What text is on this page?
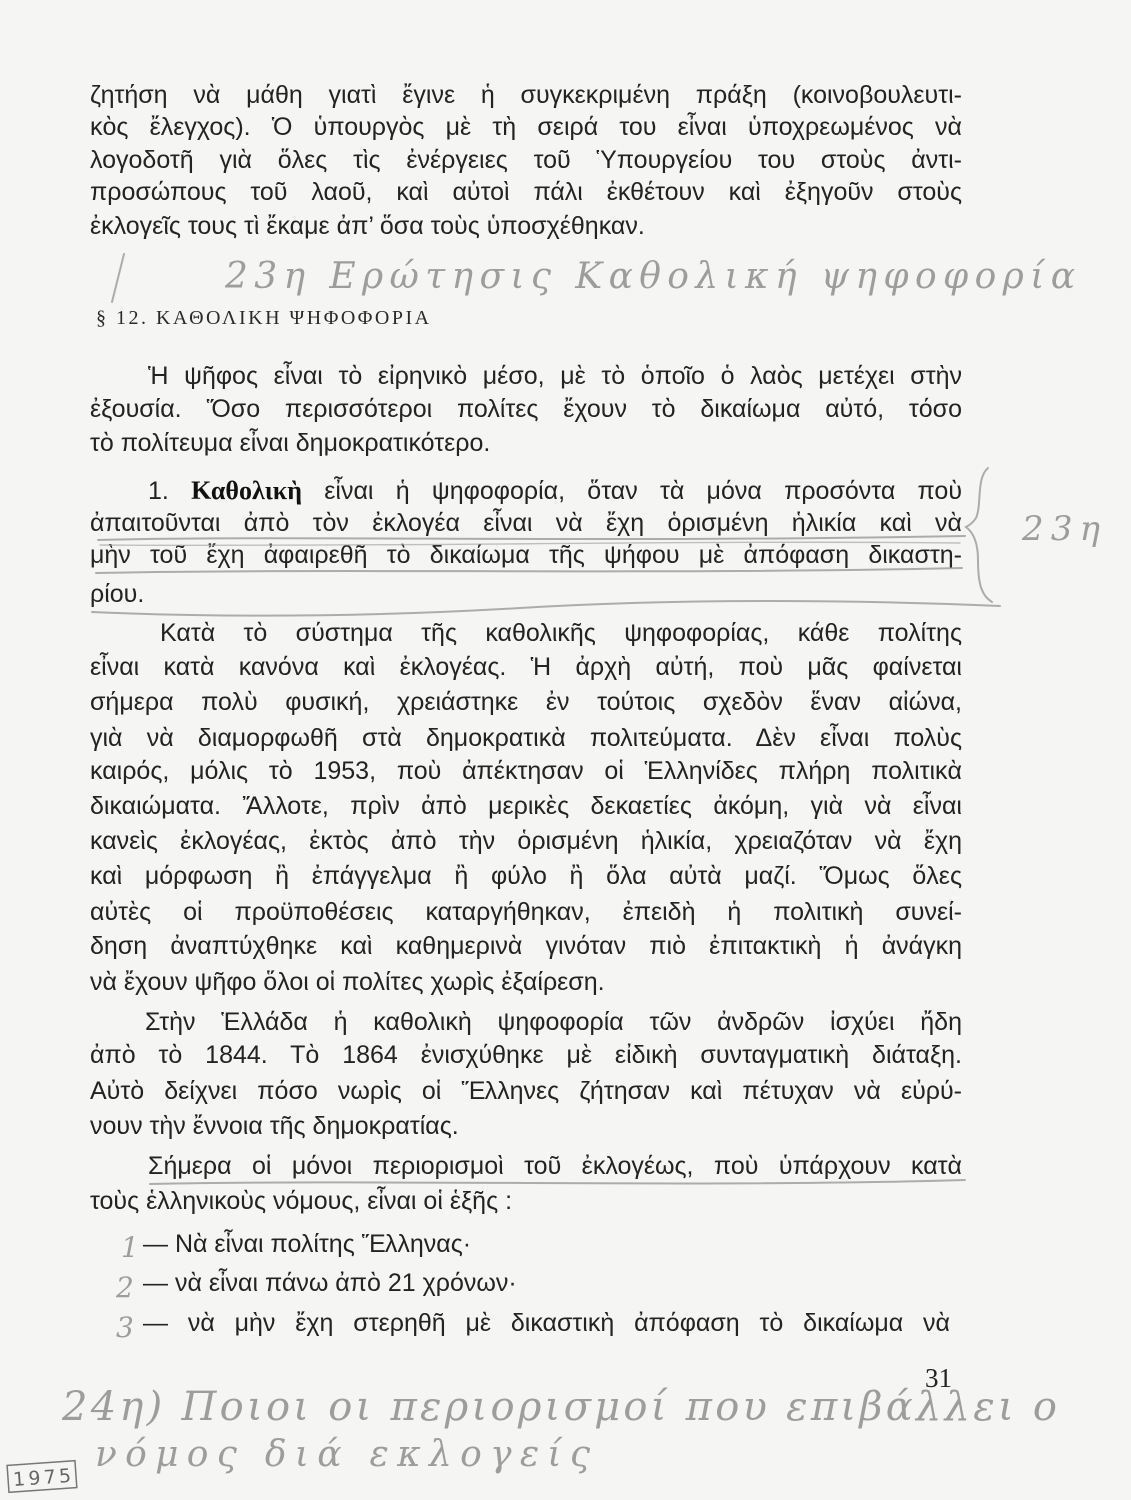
ζητήση νὰ μάθη γιατὶ ἔγινε ἡ συγκεκριμένη πράξη (κοινοβουλευτι-
κὸς ἔλεγχος). Ὁ ὑπουργὸς μὲ τὴ σειρά του εἶναι ὑποχρεωμένος νὰ
λογοδοτῆ γιὰ ὅλες τὶς ἐνέργειες τοῦ Ὑπουργείου του στοὺς ἀντι-
προσώπους τοῦ λαοῦ, καὶ αὐτοὶ πάλι ἐκθέτουν καὶ ἐξηγοῦν στοὺς
ἐκλογεῖς τους τὶ ἔκαμε ἀπ’ ὅσα τοὺς ὑποσχέθηκαν.
§ 12. ΚΑΘΟΛΙΚΗ ΨΗΦΟΦΟΡΙΑ
Ἡ ψῆφος εἶναι τὸ εἰρηνικὸ μέσο, μὲ τὸ ὁποῖο ὁ λαὸς μετέχει στὴν
ἐξουσία. Ὅσο περισσότεροι πολίτες ἔχουν τὸ δικαίωμα αὐτό, τόσο
τὸ πολίτευμα εἶναι δημοκρατικότερο.
1. Καθολικὴ εἶναι ἡ ψηφοφορία, ὅταν τὰ μόνα προσόντα ποὺ
ἀπαιτοῦνται ἀπὸ τὸν ἐκλογέα εἶναι νὰ ἔχη ὁρισμένη ἡλικία καὶ νὰ
μὴν τοῦ ἔχη ἀφαιρεθῆ τὸ δικαίωμα τῆς ψήφου μὲ ἀπόφαση δικαστη-
ρίου.
Κατὰ τὸ σύστημα τῆς καθολικῆς ψηφοφορίας, κάθε πολίτης
εἶναι κατὰ κανόνα καὶ ἐκλογέας. Ἡ ἀρχὴ αὐτή, ποὺ μᾶς φαίνεται
σήμερα πολὺ φυσική, χρειάστηκε ἐν τούτοις σχεδὸν ἕναν αἰώνα,
γιὰ νὰ διαμορφωθῆ στὰ δημοκρατικὰ πολιτεύματα. Δὲν εἶναι πολὺς
καιρός, μόλις τὸ 1953, ποὺ ἀπέκτησαν οἱ Ἑλληνίδες πλήρη πολιτικὰ
δικαιώματα. Ἄλλοτε, πρὶν ἀπὸ μερικὲς δεκαετίες ἀκόμη, γιὰ νὰ εἶναι
κανεὶς ἐκλογέας, ἐκτὸς ἀπὸ τὴν ὁρισμένη ἡλικία, χρειαζόταν νὰ ἔχη
καὶ μόρφωση ἢ ἐπάγγελμα ἢ φύλο ἢ ὅλα αὐτὰ μαζί. Ὅμως ὅλες
αὐτὲς οἱ προϋποθέσεις καταργήθηκαν, ἐπειδὴ ἡ πολιτικὴ συνεί-
δηση ἀναπτύχθηκε καὶ καθημερινὰ γινόταν πιὸ ἐπιτακτικὴ ἡ ἀνάγκη
νὰ ἔχουν ψῆφο ὅλοι οἱ πολίτες χωρὶς ἐξαίρεση.
Στὴν Ἑλλάδα ἡ καθολικὴ ψηφοφορία τῶν ἀνδρῶν ἰσχύει ἤδη
ἀπὸ τὸ 1844. Τὸ 1864 ἐνισχύθηκε μὲ εἰδικὴ συνταγματικὴ διάταξη.
Αὐτὸ δείχνει πόσο νωρὶς οἱ Ἕλληνες ζήτησαν καὶ πέτυχαν νὰ εὐρύ-
νουν τὴν ἔννοια τῆς δημοκρατίας.
Σήμερα οἱ μόνοι περιορισμοὶ τοῦ ἐκλογέως, ποὺ ὑπάρχουν κατὰ
τοὺς ἑλληνικοὺς νόμους, εἶναι οἱ ἑξῆς :
— Νὰ εἶναι πολίτης Ἕλληνας·
— νὰ εἶναι πάνω ἀπὸ 21 χρόνων·
— νὰ μὴν ἔχη στερηθῆ μὲ δικαστικὴ ἀπόφαση τὸ δικαίωμα νὰ
31
23η Ερώτησις Καθολική ψηφοφορία
23η
1
2
3
24η) Ποιοι οι περιορισμοί που επιβάλλει ο
νόμος διά εκλογείς
1975
